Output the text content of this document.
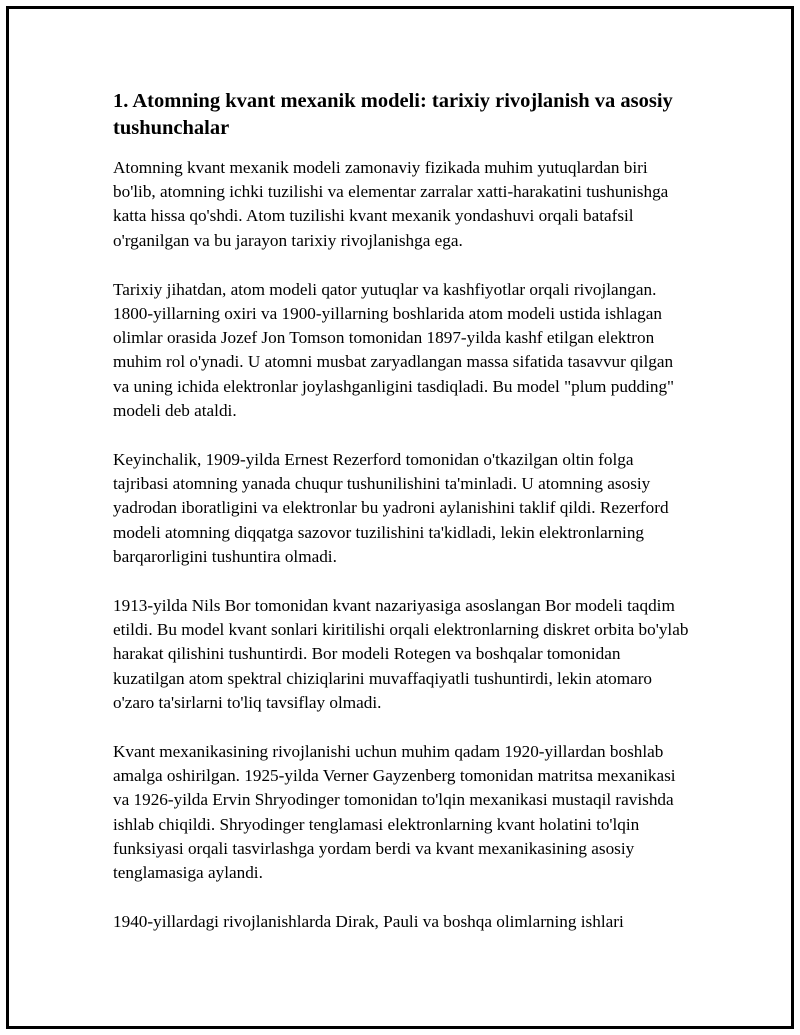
1. Atomning kvant mexanik modeli: tarixiy rivojlanish va asosiy tushunchalar

Atomning kvant mexanik modeli zamonaviy fizikada muhim yutuqlardan biri bo'lib, atomning ichki tuzilishi va elementar zarralar xatti-harakatini tushunishga katta hissa qo'shdi. Atom tuzilishi kvant mexanik yondashuvi orqali batafsil o'rganilgan va bu jarayon tarixiy rivojlanishga ega.

Tarixiy jihatdan, atom modeli qator yutuqlar va kashfiyotlar orqali rivojlangan. 1800-yillarning oxiri va 1900-yillarning boshlarida atom modeli ustida ishlagan olimlar orasida Jozef Jon Tomson tomonidan 1897-yilda kashf etilgan elektron muhim rol o'ynadi. U atomni musbat zaryadlangan massa sifatida tasavvur qilgan va uning ichida elektronlar joylashganligini tasdiqladi. Bu model "plum pudding" modeli deb ataldi.

Keyinchalik, 1909-yilda Ernest Rezerford tomonidan o'tkazilgan oltin folga tajribasi atomning yanada chuqur tushunilishini ta'minladi. U atomning asosiy yadrodan iboratligini va elektronlar bu yadroni aylanishini taklif qildi. Rezerford modeli atomning diqqatga sazovor tuzilishini ta'kidladi, lekin elektronlarning barqarorligini tushuntira olmadi.

1913-yilda Nils Bor tomonidan kvant nazariyasiga asoslangan Bor modeli taqdim etildi. Bu model kvant sonlari kiritilishi orqali elektronlarning diskret orbita bo'ylab harakat qilishini tushuntirdi. Bor modeli Rotegen va boshqalar tomonidan kuzatilgan atom spektral chiziqlarini muvaffaqiyatli tushuntirdi, lekin atomaro o'zaro ta'sirlarni to'liq tavsiflay olmadi.

Kvant mexanikasining rivojlanishi uchun muhim qadam 1920-yillardan boshlab amalga oshirilgan. 1925-yilda Verner Gayzenberg tomonidan matritsa mexanikasi va 1926-yilda Ervin Shryodinger tomonidan to'lqin mexanikasi mustaqil ravishda ishlab chiqildi. Shryodinger tenglamasi elektronlarning kvant holatini to'lqin funksiyasi orqali tasvirlashga yordam berdi va kvant mexanikasining asosiy tenglamasiga aylandi.

1940-yillardagi rivojlanishlarda Dirak, Pauli va boshqa olimlarning ishlari
